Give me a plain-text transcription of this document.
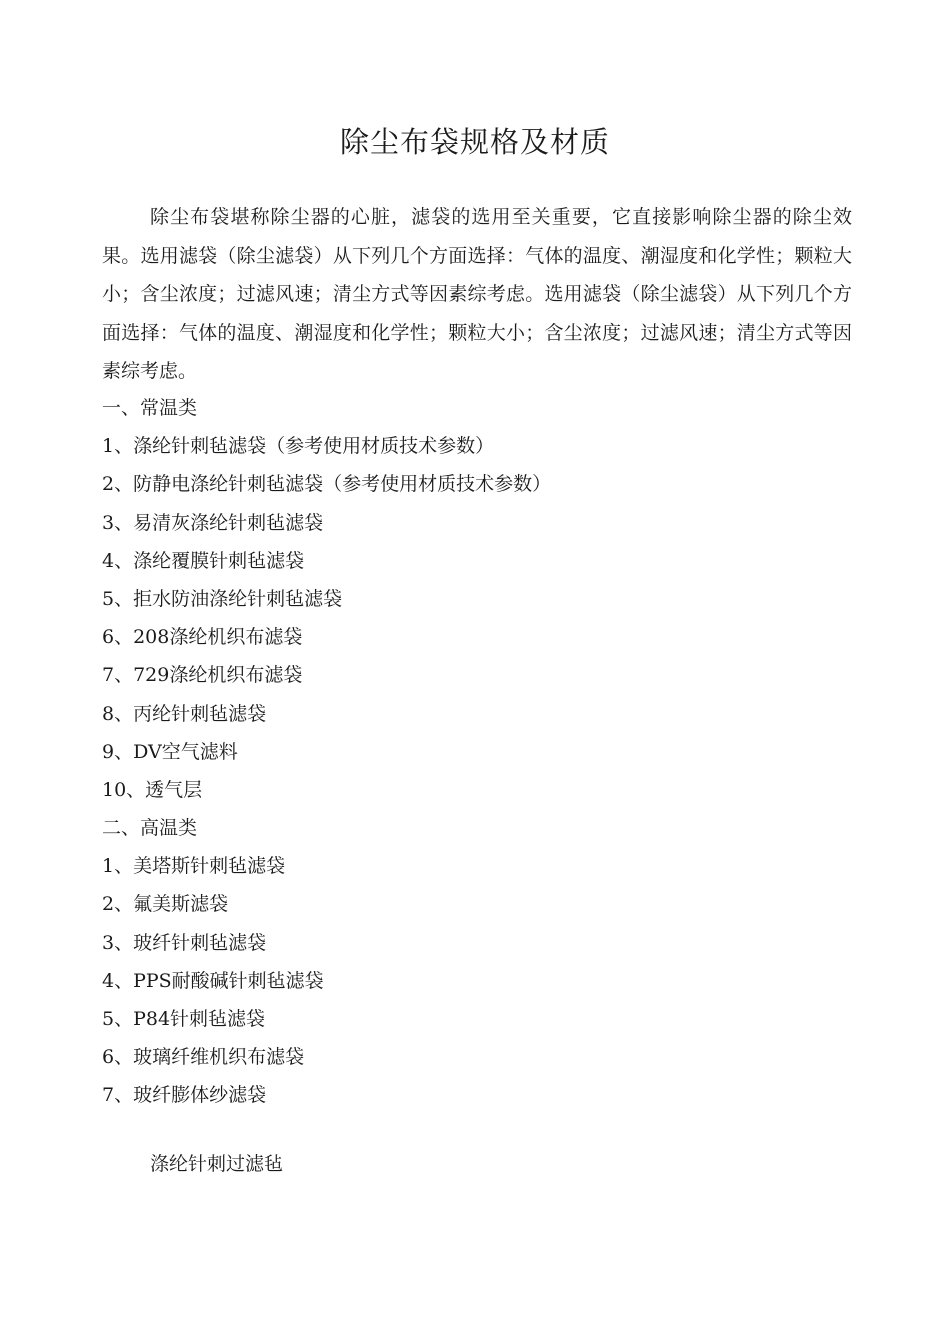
除尘布袋规格及材质

除尘布袋堪称除尘器的心脏，滤袋的选用至关重要，它直接影响除尘器的除尘效果。选用滤袋（除尘滤袋）从下列几个方面选择：气体的温度、潮湿度和化学性；颗粒大小；含尘浓度；过滤风速；清尘方式等因素综考虑。选用滤袋（除尘滤袋）从下列几个方面选择：气体的温度、潮湿度和化学性；颗粒大小；含尘浓度；过滤风速；清尘方式等因素综考虑。

一、常温类
1、涤纶针刺毡滤袋（参考使用材质技术参数）
2、防静电涤纶针刺毡滤袋（参考使用材质技术参数）
3、易清灰涤纶针刺毡滤袋
4、涤纶覆膜针刺毡滤袋
5、拒水防油涤纶针刺毡滤袋
6、208涤纶机织布滤袋
7、729涤纶机织布滤袋
8、丙纶针刺毡滤袋
9、DV空气滤料
10、透气层
二、高温类
1、美塔斯针刺毡滤袋
2、氟美斯滤袋
3、玻纤针刺毡滤袋
4、PPS耐酸碱针刺毡滤袋
5、P84针刺毡滤袋
6、玻璃纤维机织布滤袋
7、玻纤膨体纱滤袋

涤纶针刺过滤毡
